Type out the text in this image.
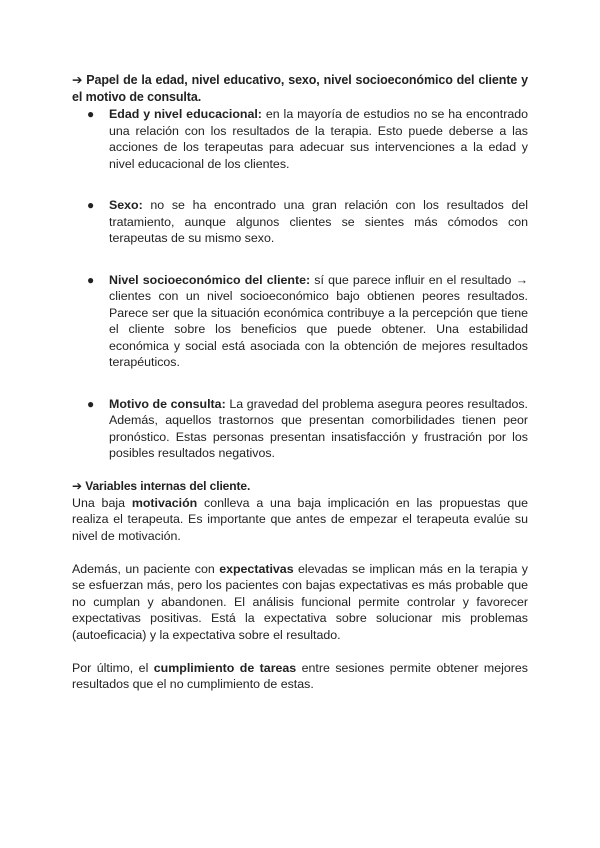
➔ Papel de la edad, nivel educativo, sexo, nivel socioeconómico del cliente y el motivo de consulta.

● Edad y nivel educacional: en la mayoría de estudios no se ha encontrado una relación con los resultados de la terapia. Esto puede deberse a las acciones de los terapeutas para adecuar sus intervenciones a la edad y nivel educacional de los clientes.
● Sexo: no se ha encontrado una gran relación con los resultados del tratamiento, aunque algunos clientes se sientes más cómodos con terapeutas de su mismo sexo.
● Nivel socioeconómico del cliente: sí que parece influir en el resultado → clientes con un nivel socioeconómico bajo obtienen peores resultados. Parece ser que la situación económica contribuye a la percepción que tiene el cliente sobre los beneficios que puede obtener. Una estabilidad económica y social está asociada con la obtención de mejores resultados terapéuticos.
● Motivo de consulta: La gravedad del problema asegura peores resultados. Además, aquellos trastornos que presentan comorbilidades tienen peor pronóstico. Estas personas presentan insatisfacción y frustración por los posibles resultados negativos.

➔ Variables internas del cliente.

Una baja motivación conlleva a una baja implicación en las propuestas que realiza el terapeuta. Es importante que antes de empezar el terapeuta evalúe su nivel de motivación.

Además, un paciente con expectativas elevadas se implican más en la terapia y se esfuerzan más, pero los pacientes con bajas expectativas es más probable que no cumplan y abandonen. El análisis funcional permite controlar y favorecer expectativas positivas. Está la expectativa sobre solucionar mis problemas (autoeficacia) y la expectativa sobre el resultado.

Por último, el cumplimiento de tareas entre sesiones permite obtener mejores resultados que el no cumplimiento de estas.
